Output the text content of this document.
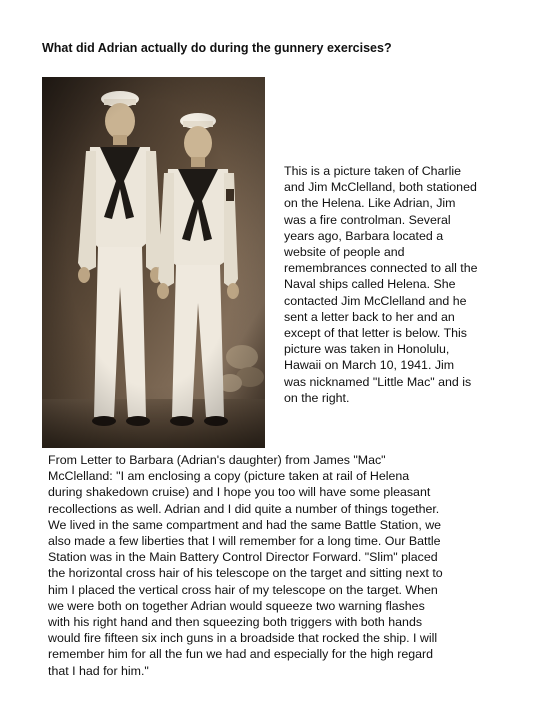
What did Adrian actually do during the gunnery exercises?
This is a picture taken of Charlie
and Jim McClelland, both stationed
on the Helena. Like Adrian, Jim
was a fire controlman. Several
years ago, Barbara located a
website of people and
remembrances connected to all the
Naval ships called Helena. She
contacted Jim McClelland and he
sent a letter back to her and an
except of that letter is below. This
picture was taken in Honolulu,
Hawaii on March 10, 1941. Jim
was nicknamed "Little Mac" and is
on the right.
From Letter to Barbara (Adrian's daughter) from James "Mac"
McClelland: "I am enclosing a copy (picture taken at rail of Helena
during shakedown cruise) and I hope you too will have some pleasant
recollections as well. Adrian and I did quite a number of things together.
We lived in the same compartment and had the same Battle Station, we
also made a few liberties that I will remember for a long time. Our Battle
Station was in the Main Battery Control Director Forward. "Slim" placed
the horizontal cross hair of his telescope on the target and sitting next to
him I placed the vertical cross hair of my telescope on the target. When
we were both on together Adrian would squeeze two warning flashes
with his right hand and then squeezing both triggers with both hands
would fire fifteen six inch guns in a broadside that rocked the ship. I will
remember him for all the fun we had and especially for the high regard
that I had for him."
